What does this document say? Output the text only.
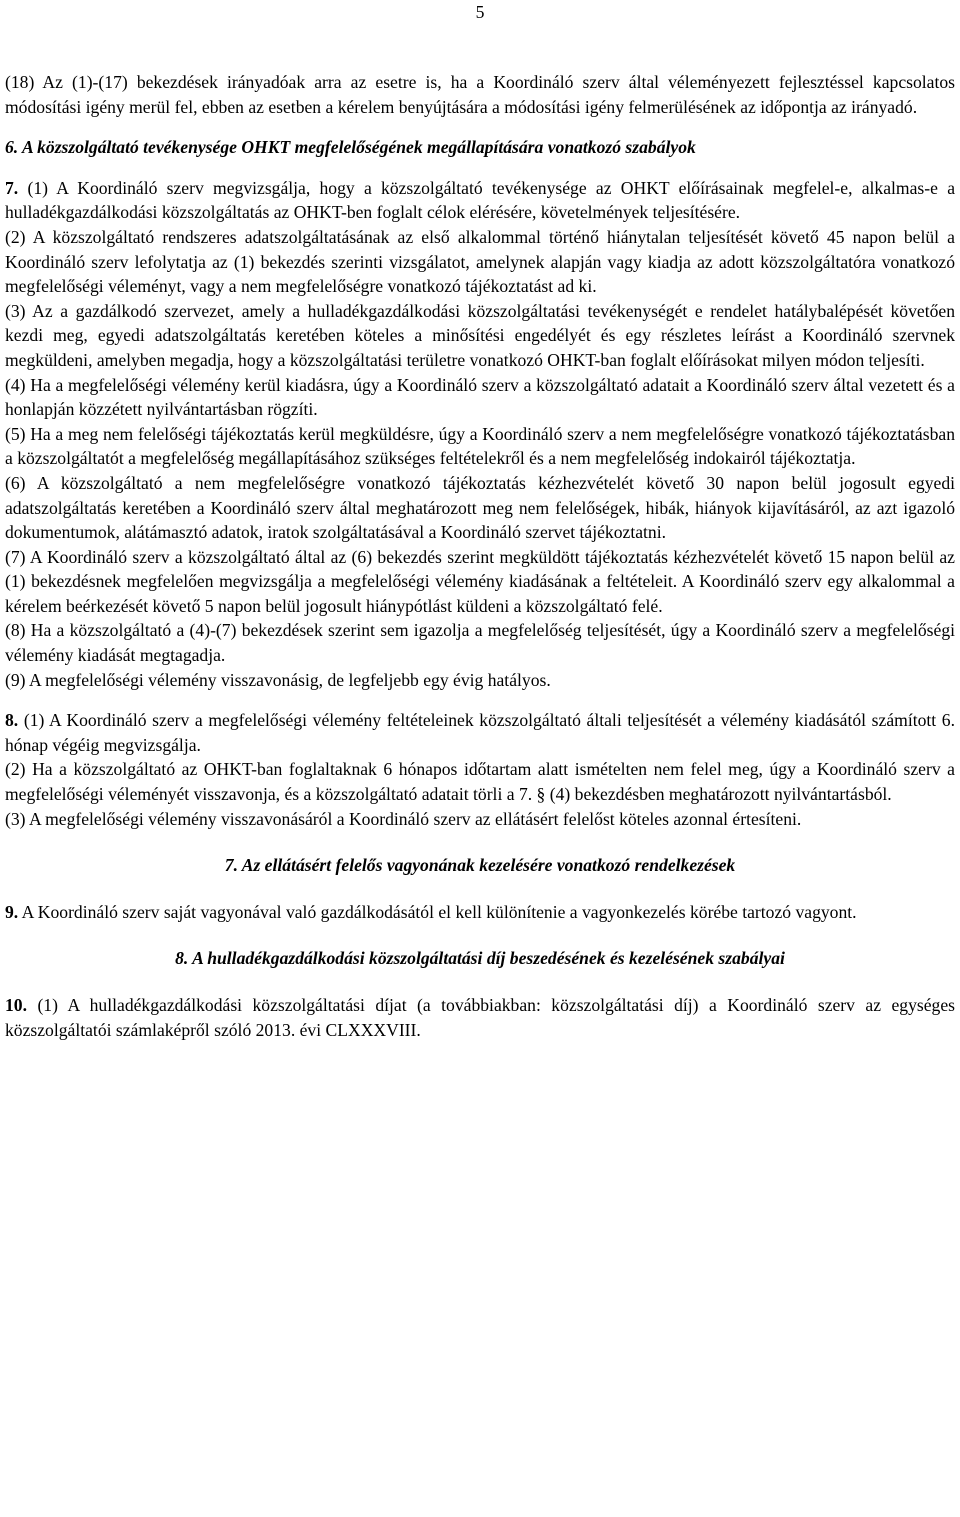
5

(18) Az (1)-(17) bekezdések irányadóak arra az esetre is, ha a Koordináló szerv által véleményezett fejlesztéssel kapcsolatos módosítási igény merül fel, ebben az esetben a kérelem benyújtására a módosítási igény felmerülésének az időpontja az irányadó.

6. A közszolgáltató tevékenysége OHKT megfelelőségének megállapítására vonatkozó szabályok

7. (1) A Koordináló szerv megvizsgálja, hogy a közszolgáltató tevékenysége az OHKT előírásainak megfelel-e, alkalmas-e a hulladékgazdálkodási közszolgáltatás az OHKT-ben foglalt célok elérésére, követelmények teljesítésére.

(2) A közszolgáltató rendszeres adatszolgáltatásának az első alkalommal történő hiánytalan teljesítését követő 45 napon belül a Koordináló szerv lefolytatja az (1) bekezdés szerinti vizsgálatot, amelynek alapján vagy kiadja az adott közszolgáltatóra vonatkozó megfelelőségi véleményt, vagy a nem megfelelőségre vonatkozó tájékoztatást ad ki.

(3) Az a gazdálkodó szervezet, amely a hulladékgazdálkodási közszolgáltatási tevékenységét e rendelet hatálybalépését követően kezdi meg, egyedi adatszolgáltatás keretében köteles a minősítési engedélyét és egy részletes leírást a Koordináló szervnek megküldeni, amelyben megadja, hogy a közszolgáltatási területre vonatkozó OHKT-ban foglalt előírásokat milyen módon teljesíti.

(4) Ha a megfelelőségi vélemény kerül kiadásra, úgy a Koordináló szerv a közszolgáltató adatait a Koordináló szerv által vezetett és a honlapján közzétett nyilvántartásban rögzíti.

(5) Ha a meg nem felelőségi tájékoztatás kerül megküldésre, úgy a Koordináló szerv a nem megfelelőségre vonatkozó tájékoztatásban a közszolgáltatót a megfelelőség megállapításához szükséges feltételekről és a nem megfelelőség indokairól tájékoztatja.

(6) A közszolgáltató a nem megfelelőségre vonatkozó tájékoztatás kézhezvételét követő 30 napon belül jogosult egyedi adatszolgáltatás keretében a Koordináló szerv által meghatározott meg nem felelőségek, hibák, hiányok kijavításáról, az azt igazoló dokumentumok, alátámasztó adatok, iratok szolgáltatásával a Koordináló szervet tájékoztatni.

(7) A Koordináló szerv a közszolgáltató által az (6) bekezdés szerint megküldött tájékoztatás kézhezvételét követő 15 napon belül az (1) bekezdésnek megfelelően megvizsgálja a megfelelőségi vélemény kiadásának a feltételeit. A Koordináló szerv egy alkalommal a kérelem beérkezését követő 5 napon belül jogosult hiánypótlást küldeni a közszolgáltató felé.

(8) Ha a közszolgáltató a (4)-(7) bekezdések szerint sem igazolja a megfelelőség teljesítését, úgy a Koordináló szerv a megfelelőségi vélemény kiadását megtagadja.

(9) A megfelelőségi vélemény visszavonásig, de legfeljebb egy évig hatályos.

8. (1) A Koordináló szerv a megfelelőségi vélemény feltételeinek közszolgáltató általi teljesítését a vélemény kiadásától számított 6. hónap végéig megvizsgálja.

(2) Ha a közszolgáltató az OHKT-ban foglaltaknak 6 hónapos időtartam alatt ismételten nem felel meg, úgy a Koordináló szerv a megfelelőségi véleményét visszavonja, és a közszolgáltató adatait törli a 7. § (4) bekezdésben meghatározott nyilvántartásból.

(3) A megfelelőségi vélemény visszavonásáról a Koordináló szerv az ellátásért felelőst köteles azonnal értesíteni.

7. Az ellátásért felelős vagyonának kezelésére vonatkozó rendelkezések

9. A Koordináló szerv saját vagyonával való gazdálkodásától el kell különítenie a vagyonkezelés körébe tartozó vagyont.

8. A hulladékgazdálkodási közszolgáltatási díj beszedésének és kezelésének szabályai

10. (1) A hulladékgazdálkodási közszolgáltatási díjat (a továbbiakban: közszolgáltatási díj) a Koordináló szerv az egységes közszolgáltatói számlaképről szóló 2013. évi CLXXXVIII.
